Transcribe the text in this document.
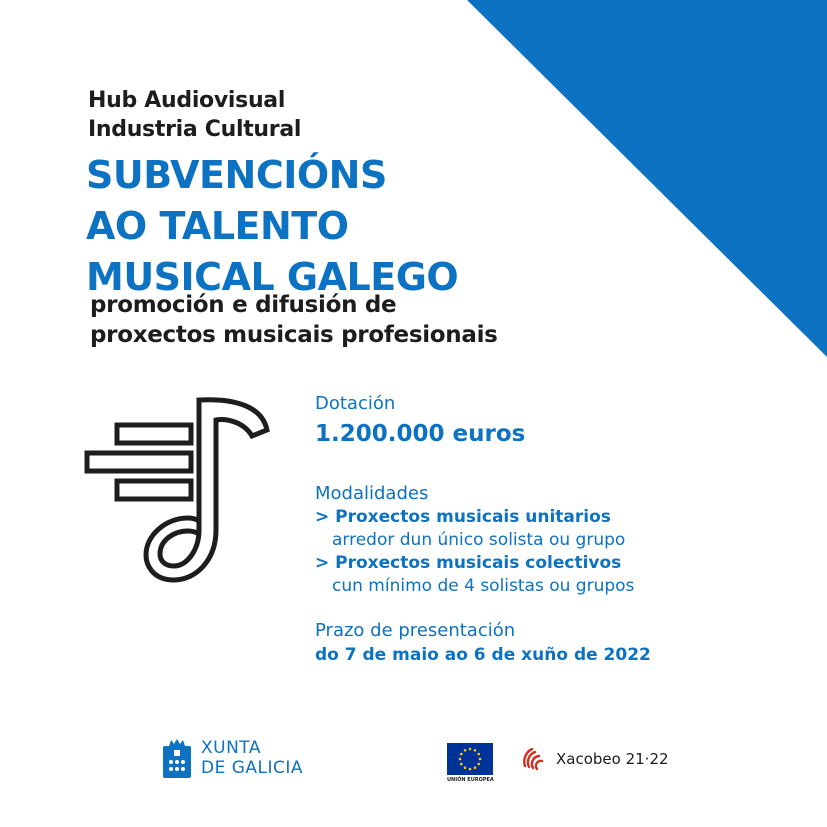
Hub Audiovisual
Industria Cultural
SUBVENCIÓNS
AO TALENTO
MUSICAL GALEGO
promoción e difusión de
proxectos musicais profesionais
Dotación
1.200.000 euros
Modalidades
> Proxectos musicais unitarios
arredor dun único solista ou grupo
> Proxectos musicais colectivos
cun mínimo de 4 solistas ou grupos
Prazo de presentación
do 7 de maio ao 6 de xuño de 2022
XUNTA
DE GALICIA
UNIÓN EUROPEA
Xacobeo 21·22
